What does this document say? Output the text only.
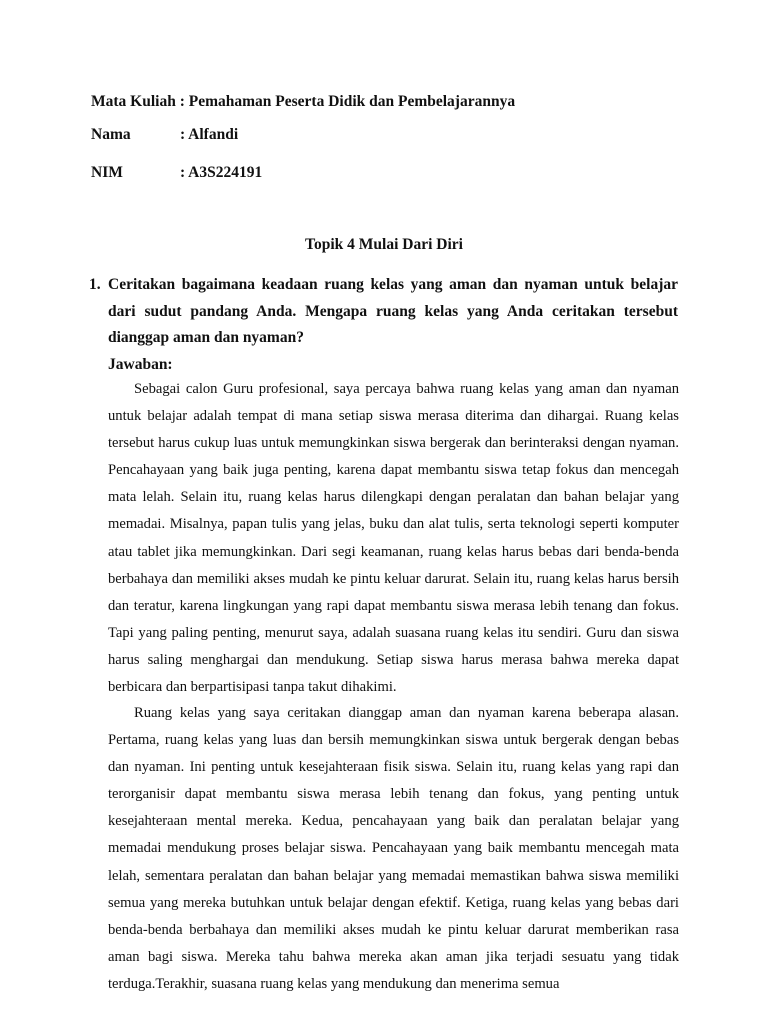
Mata Kuliah : Pemahaman Peserta Didik dan Pembelajarannya
Nama	: Alfandi
NIM	: A3S224191
Topik 4 Mulai Dari Diri
1. Ceritakan bagaimana keadaan ruang kelas yang aman dan nyaman untuk belajar dari sudut pandang Anda. Mengapa ruang kelas yang Anda ceritakan tersebut dianggap aman dan nyaman?
Jawaban:

Sebagai calon Guru profesional, saya percaya bahwa ruang kelas yang aman dan nyaman untuk belajar adalah tempat di mana setiap siswa merasa diterima dan dihargai. Ruang kelas tersebut harus cukup luas untuk memungkinkan siswa bergerak dan berinteraksi dengan nyaman. Pencahayaan yang baik juga penting, karena dapat membantu siswa tetap fokus dan mencegah mata lelah. Selain itu, ruang kelas harus dilengkapi dengan peralatan dan bahan belajar yang memadai. Misalnya, papan tulis yang jelas, buku dan alat tulis, serta teknologi seperti komputer atau tablet jika memungkinkan. Dari segi keamanan, ruang kelas harus bebas dari benda-benda berbahaya dan memiliki akses mudah ke pintu keluar darurat. Selain itu, ruang kelas harus bersih dan teratur, karena lingkungan yang rapi dapat membantu siswa merasa lebih tenang dan fokus. Tapi yang paling penting, menurut saya, adalah suasana ruang kelas itu sendiri. Guru dan siswa harus saling menghargai dan mendukung. Setiap siswa harus merasa bahwa mereka dapat berbicara dan berpartisipasi tanpa takut dihakimi.

Ruang kelas yang saya ceritakan dianggap aman dan nyaman karena beberapa alasan. Pertama, ruang kelas yang luas dan bersih memungkinkan siswa untuk bergerak dengan bebas dan nyaman. Ini penting untuk kesejahteraan fisik siswa. Selain itu, ruang kelas yang rapi dan terorganisir dapat membantu siswa merasa lebih tenang dan fokus, yang penting untuk kesejahteraan mental mereka. Kedua, pencahayaan yang baik dan peralatan belajar yang memadai mendukung proses belajar siswa. Pencahayaan yang baik membantu mencegah mata lelah, sementara peralatan dan bahan belajar yang memadai memastikan bahwa siswa memiliki semua yang mereka butuhkan untuk belajar dengan efektif. Ketiga, ruang kelas yang bebas dari benda-benda berbahaya dan memiliki akses mudah ke pintu keluar darurat memberikan rasa aman bagi siswa. Mereka tahu bahwa mereka akan aman jika terjadi sesuatu yang tidak terduga.Terakhir, suasana ruang kelas yang mendukung dan menerima semua
